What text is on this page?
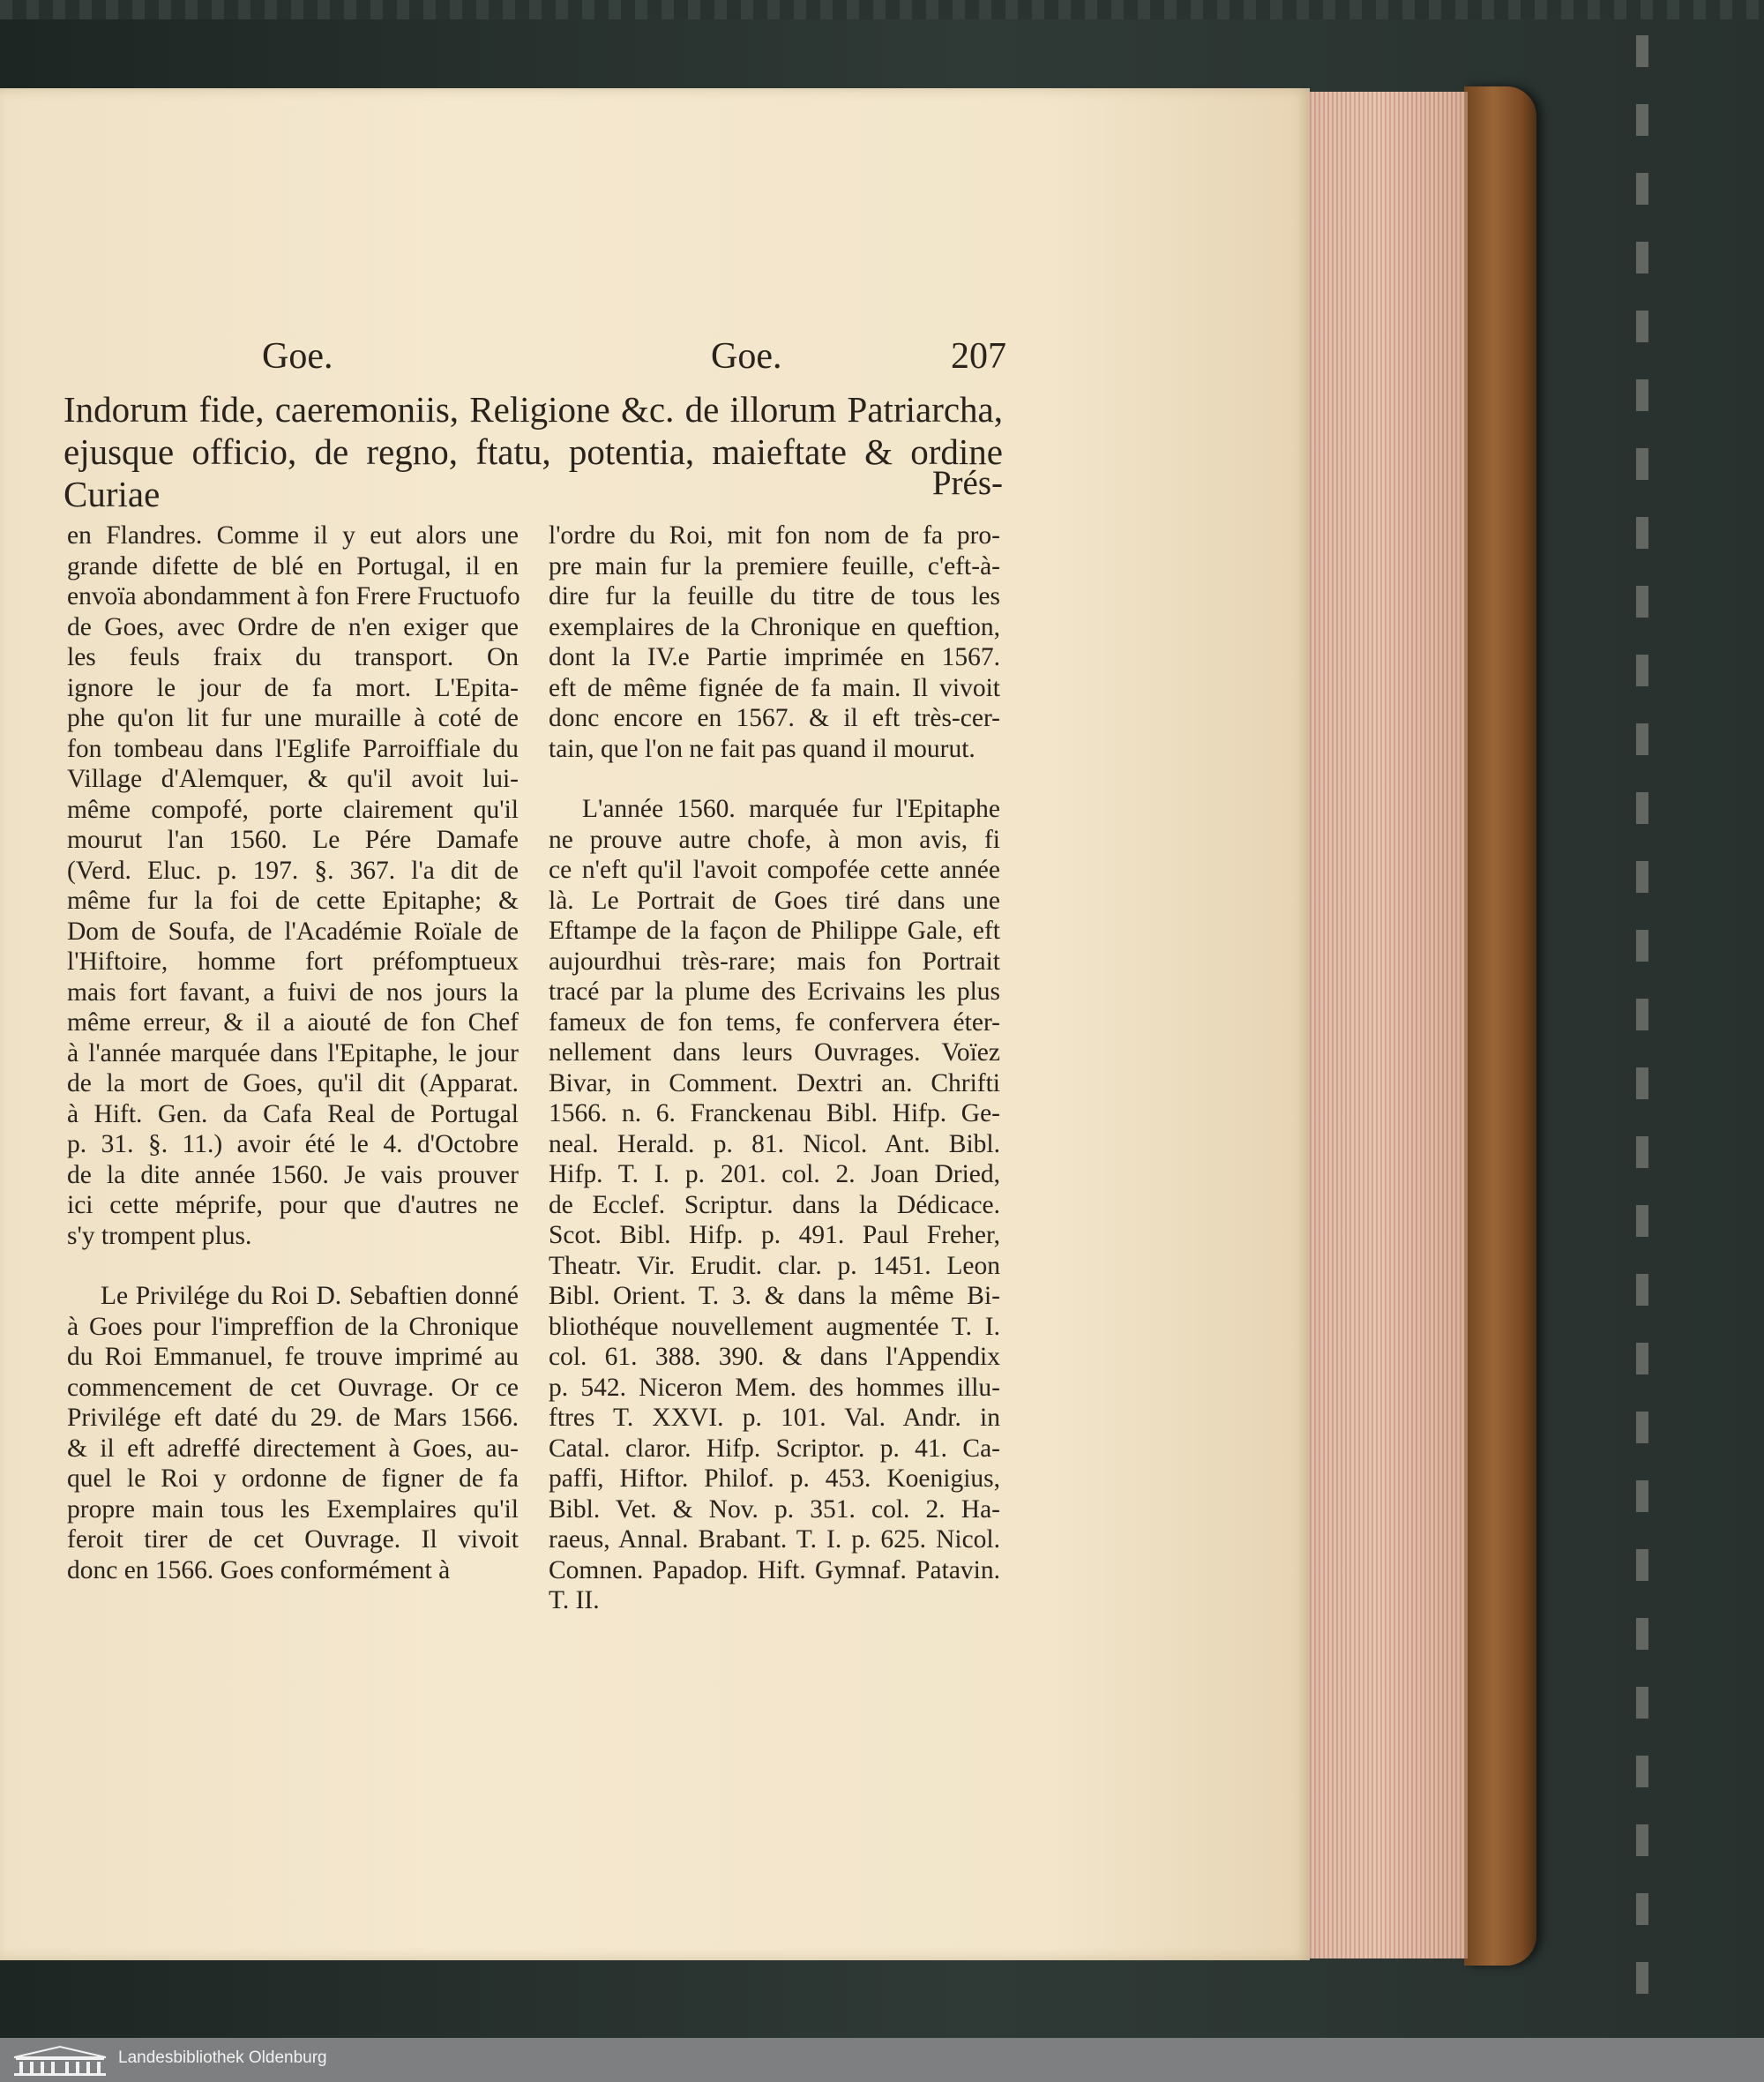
Goe.	Goe.	207
Indorum fide, caeremoniis, Religione &c. de illorum Patriarcha,
ejusque officio, de regno, ftatu, potentia, maieftate & ordine Curiae	Prés-
en Flandres. Comme il y eut alors une
grande difette de blé en Portugal, il en
envoïa abondamment à fon Frere Fructuofo
de Goes, avec Ordre de n'en exiger que
les feuls fraix du transport. On
ignore le jour de fa mort. L'Epita-
phe qu'on lit fur une muraille à coté de
fon tombeau dans l'Eglife Parroiffiale du
Village d'Alemquer, & qu'il avoit lui-
même compofé, porte clairement qu'il
mourut l'an 1560. Le Pére Damafe
(Verd. Eluc. p. 197. §. 367. l'a dit de
même fur la foi de cette Epitaphe; &
Dom de Soufa, de l'Académie Roïale de
l'Hiftoire, homme fort préfomptueux
mais fort favant, a fuivi de nos jours la
même erreur, & il a aiouté de fon Chef
à l'année marquée dans l'Epitaphe, le jour
de la mort de Goes, qu'il dit (Apparat.
à Hift. Gen. da Cafa Real de Portugal
p. 31. §. 11.) avoir été le 4. d'Octobre
de la dite année 1560. Je vais prouver
ici cette méprife, pour que d'autres ne
s'y trompent plus.
Le Privilége du Roi D. Sebaftien donné
à Goes pour l'impreffion de la Chronique
du Roi Emmanuel, fe trouve imprimé au
commencement de cet Ouvrage. Or ce
Privilége eft daté du 29. de Mars 1566.
& il eft adreffé directement à Goes, au-
quel le Roi y ordonne de figner de fa
propre main tous les Exemplaires qu'il
feroit tirer de cet Ouvrage. Il vivoit
donc en 1566. Goes conformément à
l'ordre du Roi, mit fon nom de fa pro-
pre main fur la premiere feuille, c'eft-à-
dire fur la feuille du titre de tous les
exemplaires de la Chronique en queftion,
dont la IV.e Partie imprimée en 1567.
eft de même fignée de fa main. Il vivoit
donc encore en 1567. & il eft très-cer-
tain, que l'on ne fait pas quand il mourut.
L'année 1560. marquée fur l'Epitaphe
ne prouve autre chofe, à mon avis, fi
ce n'eft qu'il l'avoit compofée cette année
là. Le Portrait de Goes tiré dans une
Eftampe de la façon de Philippe Gale, eft
aujourdhui très-rare; mais fon Portrait
tracé par la plume des Ecrivains les plus
fameux de fon tems, fe confervera éter-
nellement dans leurs Ouvrages. Voïez
Bivar, in Comment. Dextri an. Chrifti
1566. n. 6. Franckenau Bibl. Hifp. Ge-
neal. Herald. p. 81. Nicol. Ant. Bibl.
Hifp. T. I. p. 201. col. 2. Joan Dried,
de Ecclef. Scriptur. dans la Dédicace.
Scot. Bibl. Hifp. p. 491. Paul Freher,
Theatr. Vir. Erudit. clar. p. 1451. Leon
Bibl. Orient. T. 3. & dans la même Bi-
bliothéque nouvellement augmentée T. I.
col. 61. 388. 390. & dans l'Appendix
p. 542. Niceron Mem. des hommes illu-
ftres T. XXVI. p. 101. Val. Andr. in
Catal. claror. Hifp. Scriptor. p. 41. Ca-
paffi, Hiftor. Philof. p. 453. Koenigius,
Bibl. Vet. & Nov. p. 351. col. 2. Ha-
raeus, Annal. Brabant. T. I. p. 625. Nicol.
Comnen. Papadop. Hift. Gymnaf. Patavin.
T. II.
Landesbibliothek Oldenburg
